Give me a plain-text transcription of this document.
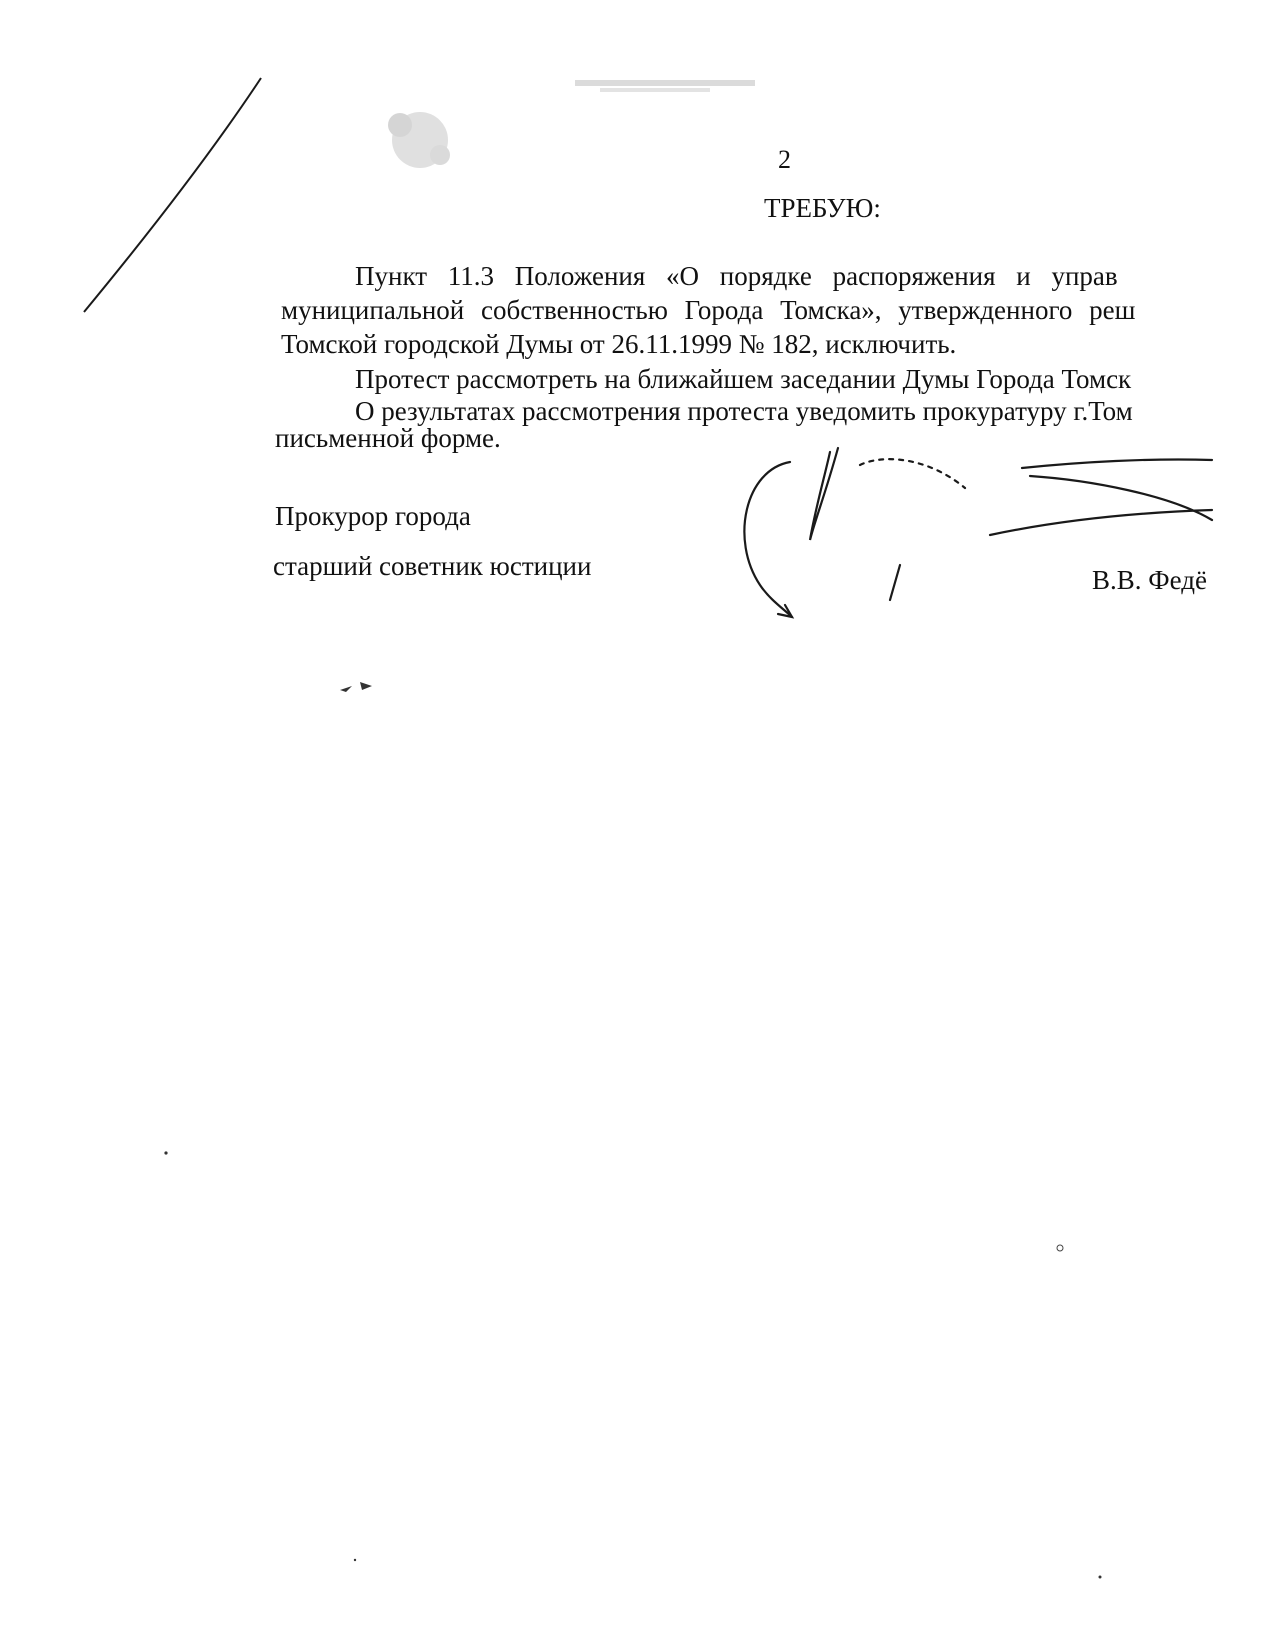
2
ТРЕБУЮ:
Пункт 11.3 Положения «О порядке распоряжения и управ
муниципальной собственностью Города Томска», утвержденного реш
Томской городской Думы от 26.11.1999 № 182, исключить.
Протест рассмотреть на ближайшем заседании Думы Города Томск
О результатах рассмотрения протеста уведомить прокуратуру г.Том
письменной форме.
Прокурор города
старший советник юстиции	В.В. Федё
